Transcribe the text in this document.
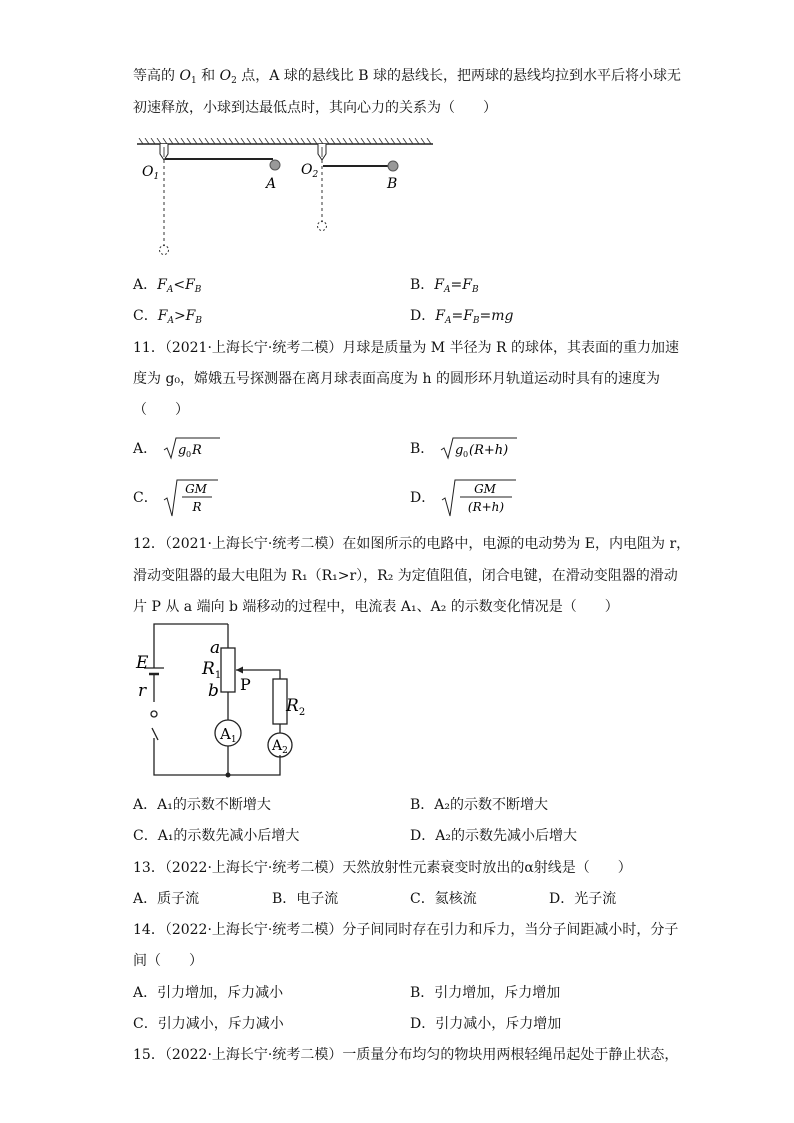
等高的 $O_1$ 和 $O_2$ 点，A 球的悬线比 B 球的悬线长，把两球的悬线均拉到水平后将小球无
初速释放，小球到达最低点时，其向心力的关系为（　　）
$O_1$	A
$O_2$
B
A．$F_A<F_B$	B．$F_A=F_B$
C．$F_A>F_B$	D．$F_A=F_B=mg$
11．（2021·上海长宁·统考二模）月球是质量为 M 半径为 R 的球体，其表面的重力加速
度为 g₀，嫦娥五号探测器在离月球表面高度为 h 的圆形环月轨道运动时具有的速度为
（　　）
A． g 0 R	B． g 0 (R+h)
C．
GM
R
D．
GM
(R+h)
12．（2021·上海长宁·统考二模）在如图所示的电路中，电源的电动势为 E，内电阻为 r，
滑动变阻器的最大电阻为 R₁（R₁>r），R₂ 为定值阻值，闭合电键，在滑动变阻器的滑动
片 P 从 a 端向 b 端移动的过程中，电流表 A₁、A₂ 的示数变化情况是（　　）
E
r
a
$R_1$
b
$R_2$
P
$A_1$	$A_2$
A．A₁的示数不断增大	B．A₂的示数不断增大
C．A₁的示数先减小后增大	D．A₂的示数先减小后增大
13．（2022·上海长宁·统考二模）天然放射性元素衰变时放出的α射线是（　　）
A．质子流	B．电子流	C．氦核流	D．光子流
14．（2022·上海长宁·统考二模）分子间同时存在引力和斥力，当分子间距减小时，分子
间（　　）
A．引力增加，斥力减小	B．引力增加，斥力增加
C．引力减小，斥力减小	D．引力减小，斥力增加
15．（2022·上海长宁·统考二模）一质量分布均匀的物块用两根轻绳吊起处于静止状态，
